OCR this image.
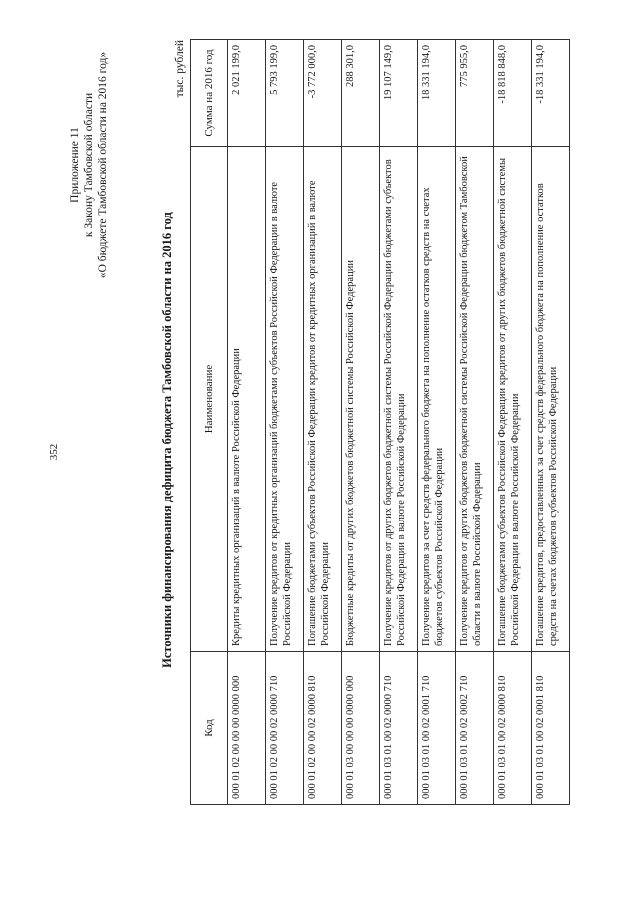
352
Приложение 11 к Закону Тамбовской области «О бюджете Тамбовской области на 2016 год»
Источники финансирования дефицита бюджета Тамбовской области на 2016 год
тыс. рублей
Код	Наименование	Сумма на 2016 год
000 01 02 00 00 00 0000 000	Кредиты кредитных организаций в валюте Российской Федерации	2 021 199,0
000 01 02 00 00 02 0000 710	Получение кредитов от кредитных организаций бюджетами субъектов Российской Федерации в валюте Российской Федерации	5 793 199,0
000 01 02 00 00 02 0000 810	Погашение бюджетами субъектов Российской Федерации кредитов от кредитных организаций в валюте Российской Федерации	-3 772 000,0
000 01 03 00 00 00 0000 000	Бюджетные кредиты от других бюджетов бюджетной системы Российской Федерации	288 301,0
000 01 03 01 00 02 0000 710	Получение кредитов от других бюджетов бюджетной системы Российской Федерации бюджетами субъектов Российской Федерации в валюте Российской Федерации	19 107 149,0
000 01 03 01 00 02 0001 710	Получение кредитов за счет средств федерального бюджета на пополнение остатков средств на счетах бюджетов субъектов Российской Федерации	18 331 194,0
000 01 03 01 00 02 0002 710	Получение кредитов от других бюджетов бюджетной системы Российской Федерации бюджетом Тамбовской области в валюте Российской Федерации	775 955,0
000 01 03 01 00 02 0000 810	Погашение бюджетами субъектов Российской Федерации кредитов от других бюджетов бюджетной системы Российской Федерации в валюте Российской Федерации	-18 818 848,0
000 01 03 01 00 02 0001 810	Погашение кредитов, предоставленных за счет средств федерального бюджета на пополнение остатков средств на счетах бюджетов субъектов Российской Федерации	-18 331 194,0
